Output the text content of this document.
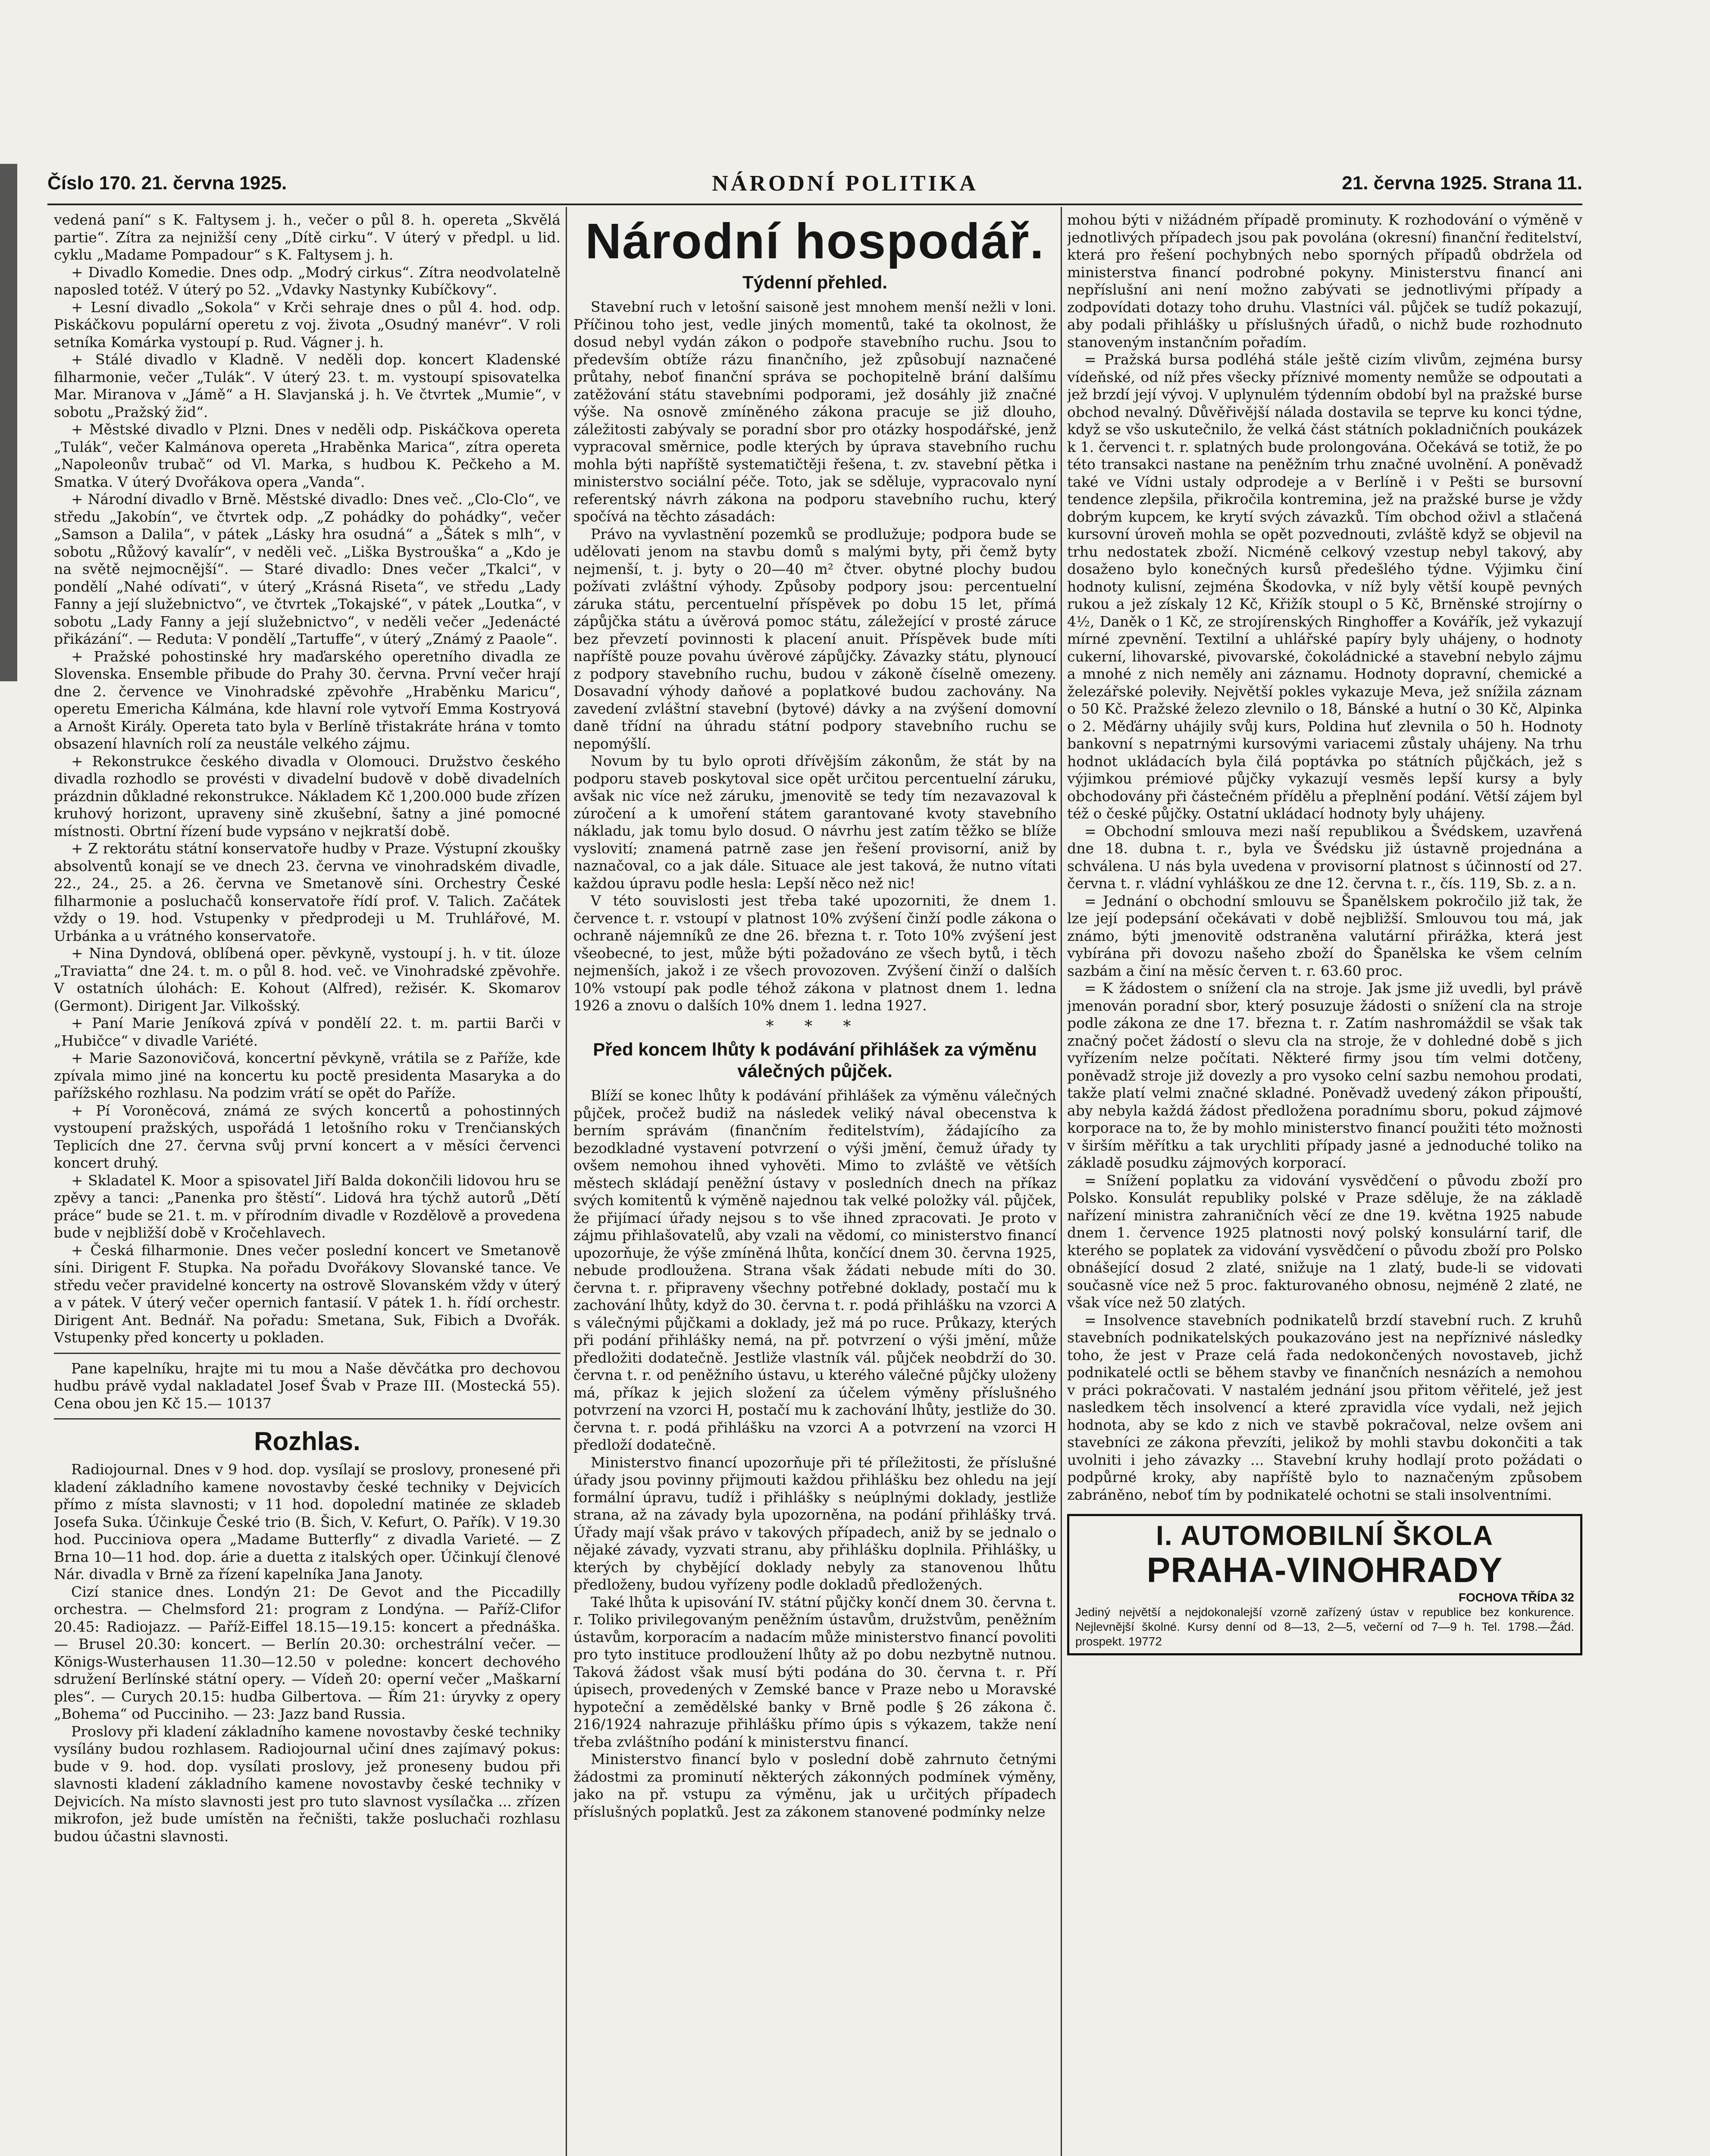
Číslo 170. 21. června 1925.	NÁRODNÍ POLITIKA	21. června 1925. Strana 11.

vedená paní“ s K. Faltysem j. h., večer o půl 8. h. opereta „Skvělá partie“. Zítra za nejnižší ceny „Dítě cirku“. V úterý v předpl. u lid. cyklu „Madame Pompadour“ s K. Faltysem j. h.

+ Divadlo Komedie. Dnes odp. „Modrý cirkus“. Zítra neodvolatelně naposled totéž. V úterý po 52. „Vdavky Nastynky Kubíčkovy“.

+ Lesní divadlo „Sokola“ v Krči sehraje dnes o půl 4. hod. odp. Piskáčkovu populární operetu z voj. života „Osudný manévr“. V roli setníka Komárka vystoupí p. Rud. Vágner j. h.

+ Stálé divadlo v Kladně. V neděli dop. koncert Kladenské filharmonie, večer „Tulák“. V úterý 23. t. m. vystoupí spisovatelka Mar. Miranova v „Jámě“ a H. Slavjanská j. h. Ve čtvrtek „Mumie“, v sobotu „Pražský žid“.

+ Městské divadlo v Plzni. Dnes v neděli odp. Piskáčkova opereta „Tulák“, večer Kalmánova opereta „Hraběnka Marica“, zítra opereta „Napoleonův trubač“ od Vl. Marka, s hudbou K. Pečkeho a M. Smatka. V úterý Dvořákova opera „Vanda“.

+ Národní divadlo v Brně. Městské divadlo: Dnes več. „Clo-Clo“, ve středu „Jakobín“, ve čtvrtek odp. „Z pohádky do pohádky“, večer „Samson a Dalila“, v pátek „Lásky hra osudná“ a „Šátek s mlh“, v sobotu „Růžový kavalír“, v neděli več. „Liška Bystrouška“ a „Kdo je na světě nejmocnější“. — Staré divadlo: Dnes večer „Tkalci“, v pondělí „Nahé odívati“, v úterý „Krásná Riseta“, ve středu „Lady Fanny a její služebnictvo“, ve čtvrtek „Tokajské“, v pátek „Loutka“, v sobotu „Lady Fanny a její služebnictvo“, v neděli večer „Jedenácté přikázání“. — Reduta: V pondělí „Tartuffe“, v úterý „Známý z Paaole“.

+ Pražské pohostinské hry maďarského operetního divadla ze Slovenska. Ensemble přibude do Prahy 30. června. První večer hrají dne 2. července ve Vinohradské zpěvohře „Hraběnku Maricu“, operetu Emericha Kálmána, kde hlavní role vytvoří Emma Kostryová a Arnošt Király. Opereta tato byla v Berlíně třistakráte hrána v tomto obsazení hlavních rolí za neustále velkého zájmu.

+ Rekonstrukce českého divadla v Olomouci. Družstvo českého divadla rozhodlo se provésti v divadelní budově v době divadelních prázdnin důkladné rekonstrukce. Nákladem Kč 1,200.000 bude zřízen kruhový horizont, upraveny sině zkušební, šatny a jiné pomocné místnosti. Obrtní řízení bude vypsáno v nejkratší době.

+ Z rektorátu státní konservatoře hudby v Praze. Výstupní zkoušky absolventů konají se ve dnech 23. června ve vinohradském divadle, 22., 24., 25. a 26. června ve Smetanově síni. Orchestry České filharmonie a posluchačů konservatoře řídí prof. V. Talich. Začátek vždy o 19. hod. Vstupenky v předprodeji u M. Truhlářové, M. Urbánka a u vrátného konservatoře.

+ Nina Dyndová, oblíbená oper. pěvkyně, vystoupí j. h. v tit. úloze „Traviatta“ dne 24. t. m. o půl 8. hod. več. ve Vinohradské zpěvohře. V ostatních úlohách: E. Kohout (Alfred), režisér. K. Skomarov (Germont). Dirigent Jar. Vilkošský.

+ Paní Marie Jeníková zpívá v pondělí 22. t. m. partii Barči v „Hubičce“ v divadle Variété.

+ Marie Sazonovičová, koncertní pěvkyně, vrátila se z Paříže, kde zpívala mimo jiné na koncertu ku poctě presidenta Masaryka a do pařížského rozhlasu. Na podzim vrátí se opět do Paříže.

+ Pí Voroněcová, známá ze svých koncertů a pohostinných vystoupení pražských, uspořádá 1 letošního roku v Trenčianských Teplicích dne 27. června svůj první koncert a v měsíci červenci koncert druhý.

+ Skladatel K. Moor a spisovatel Jiří Balda dokončili lidovou hru se zpěvy a tanci: „Panenka pro štěstí“. Lidová hra týchž autorů „Dětí práce“ bude se 21. t. m. v přírodním divadle v Rozdělově a provedena bude v nejbližší době v Kročehlavech.

+ Česká filharmonie. Dnes večer poslední koncert ve Smetanově síni. Dirigent F. Stupka. Na pořadu Dvořákovy Slovanské tance. Ve středu večer pravidelné koncerty na ostrově Slovanském vždy v úterý a v pátek. V úterý večer opernich fantasií. V pátek 1. h. řídí orchestr. Dirigent Ant. Bednář. Na pořadu: Smetana, Suk, Fibich a Dvořák. Vstupenky před koncerty u pokladen.

Pane kapelníku, hrajte mi tu mou a Naše děvčátka pro dechovou hudbu právě vydal nakladatel Josef Švab v Praze III. (Mostecká 55). Cena obou jen Kč 15.— 10137

Rozhlas.

Radiojournal. Dnes v 9 hod. dop. vysílají se proslovy, pronesené při kladení základního kamene novostavby české techniky v Dejvicích přímo z místa slavnosti; v 11 hod. dopolední matinée ze skladeb Josefa Suka. Účinkuje České trio (B. Šich, V. Kefurt, O. Pařík). V 19.30 hod. Pucciniova opera „Madame Butterfly“ z divadla Varieté. — Z Brna 10—11 hod. dop. árie a duetta z italských oper. Účinkují členové Nár. divadla v Brně za řízení kapelníka Jana Janoty.

Cizí stanice dnes. Londýn 21: De Gevot and the Piccadilly orchestra. — Chelmsford 21: program z Londýna. — Paříž-Clifor 20.45: Radiojazz. — Paříž-Eiffel 18.15—19.15: koncert a přednáška. — Brusel 20.30: koncert. — Berlín 20.30: orchestrální večer. — Königs-Wusterhausen 11.30—12.50 v poledne: koncert dechového sdružení Berlínské státní opery. — Vídeň 20: operní večer „Maškarní ples“. — Curych 20.15: hudba Gilbertova. — Řím 21: úryvky z opery „Bohema“ od Pucciniho. — 23: Jazz band Russia.

Proslovy při kladení základního kamene novostavby české techniky vysílány budou rozhlasem. Radiojournal učiní dnes zajímavý pokus: bude v 9. hod. dop. vysílati proslovy, jež proneseny budou při slavnosti kladení základního kamene novostavby české techniky v Dejvicích. Na místo slavnosti jest pro tuto slavnost vysílačka ... zřízen mikrofon, jež bude umístěn na řečništi, takže posluchači rozhlasu budou účastni slavnosti.

Národní hospodář.
Týdenní přehled.

Stavební ruch v letošní saisoně jest mnohem menší nežli v loni. Příčinou toho jest, vedle jiných momentů, také ta okolnost, že dosud nebyl vydán zákon o podpoře stavebního ruchu. Jsou to především obtíže rázu finančního, jež způsobují naznačené průtahy, neboť finanční správa se pochopitelně brání dalšímu zatěžování státu stavebními podporami, jež dosáhly již značné výše. Na osnově zmíněného zákona pracuje se již dlouho, záležitosti zabývaly se poradní sbor pro otázky hospodářské, jenž vypracoval směrnice, podle kterých by úprava stavebního ruchu mohla býti napříště systematičtěji řešena, t. zv. stavební pětka i ministerstvo sociální péče. Toto, jak se sděluje, vypracovalo nyní referentský návrh zákona na podporu stavebního ruchu, který spočívá na těchto zásadách:

Právo na vyvlastnění pozemků se prodlužuje; podpora bude se udělovati jenom na stavbu domů s malými byty, při čemž byty nejmenší, t. j. byty o 20—40 m² čtver. obytné plochy budou požívati zvláštní výhody. Způsoby podpory jsou: percentuelní záruka státu, percentuelní příspěvek po dobu 15 let, přímá zápůjčka státu a úvěrová pomoc státu, záležející v prosté záruce bez převzetí povinnosti k placení anuit. Příspěvek bude míti napříště pouze povahu úvěrové zápůjčky. Závazky státu, plynoucí z podpory stavebního ruchu, budou v zákoně číselně omezeny. Dosavadní výhody daňové a poplatkové budou zachovány. Na zavedení zvláštní stavební (bytové) dávky a na zvýšení domovní daně třídní na úhradu státní podpory stavebního ruchu se nepomýšlí.

Novum by tu bylo oproti dřívějším zákonům, že stát by na podporu staveb poskytoval sice opět určitou percentuelní záruku, avšak nic více než záruku, jmenovitě se tedy tím nezavazoval k zúročení a k umoření státem garantované kvoty stavebního nákladu, jak tomu bylo dosud. O návrhu jest zatím těžko se blíže vyslovití; znamená patrně zase jen řešení provisorní, aniž by naznačoval, co a jak dále. Situace ale jest taková, že nutno vítati každou úpravu podle hesla: Lepší něco než nic!

V této souvislosti jest třeba také upozorniti, že dnem 1. července t. r. vstoupí v platnost 10% zvýšení činží podle zákona o ochraně nájemníků ze dne 26. března t. r. Toto 10% zvýšení jest všeobecné, to jest, může býti požadováno ze všech bytů, i těch nejmenších, jakož i ze všech provozoven. Zvýšení činží o dalších 10% vstoupí pak podle téhož zákona v platnost dnem 1. ledna 1926 a znovu o dalších 10% dnem 1. ledna 1927.

* * *
Před koncem lhůty k podávání přihlášek za výměnu válečných půjček.

Blíží se konec lhůty k podávání přihlášek za výměnu válečných půjček, pročež budiž na následek veliký nával obecenstva k berním správám (finančním ředitelstvím), žádajícího za bezodkladné vystavení potvrzení o výši jmění, čemuž úřady ty ovšem nemohou ihned vyhověti. Mimo to zvláště ve větších městech skládají peněžní ústavy v posledních dnech na příkaz svých komitentů k výměně najednou tak velké položky vál. půjček, že přijímací úřady nejsou s to vše ihned zpracovati. Je proto v zájmu přihlašovatelů, aby vzali na vědomí, co ministerstvo financí upozorňuje, že výše zmíněná lhůta, končící dnem 30. června 1925, nebude prodloužena. Strana však žádati nebude míti do 30. června t. r. připraveny všechny potřebné doklady, postačí mu k zachování lhůty, když do 30. června t. r. podá přihlášku na vzorci A s válečnými půjčkami a doklady, jež má po ruce. Průkazy, kterých při podání přihlášky nemá, na př. potvrzení o výši jmění, může předložiti dodatečně. Jestliže vlastník vál. půjček neobdrží do 30. června t. r. od peněžního ústavu, u kterého válečné půjčky uloženy má, příkaz k jejich složení za účelem výměny příslušného potvrzení na vzorci H, postačí mu k zachování lhůty, jestliže do 30. června t. r. podá přihlášku na vzorci A a potvrzení na vzorci H předloží dodatečně.

Ministerstvo financí upozorňuje při té příležitosti, že příslušné úřady jsou povinny přijmouti každou přihlášku bez ohledu na její formální úpravu, tudíž i přihlášky s neúplnými doklady, jestliže strana, až na závady byla upozorněna, na podání přihlášky trvá. Úřady mají však právo v takových případech, aniž by se jednalo o nějaké závady, vyzvati stranu, aby přihlášku doplnila. Přihlášky, u kterých by chybějící doklady nebyly za stanovenou lhůtu předloženy, budou vyřízeny podle dokladů předložených.

Také lhůta k upisování IV. státní půjčky končí dnem 30. června t. r. Toliko privilegovaným peněžním ústavům, družstvům, peněžním ústavům, korporacím a nadacím může ministerstvo financí povoliti pro tyto instituce prodloužení lhůty až po dobu nezbytně nutnou. Taková žádost však musí býti podána do 30. června t. r. Pří úpisech, provedených v Zemské bance v Praze nebo u Moravské hypoteční a zemědělské banky v Brně podle § 26 zákona č. 216/1924 nahrazuje přihlášku přímo úpis s výkazem, takže není třeba zvláštního podání k ministerstvu financí.

Ministerstvo financí bylo v poslední době zahrnuto četnými žádostmi za prominutí některých zákonných podmínek výměny, jako na př. vstupu za výměnu, jak u určitých případech příslušných poplatků. Jest za zákonem stanovené podmínky nelze

mohou býti v nižádném případě prominuty. K rozhodování o výměně v jednotlivých případech jsou pak povolána (okresní) finanční ředitelství, která pro řešení pochybných nebo sporných případů obdržela od ministerstva financí podrobné pokyny. Ministerstvu financí ani nepříslušní ani není možno zabývati se jednotlivými případy a zodpovídati dotazy toho druhu. Vlastníci vál. půjček se tudíž pokazují, aby podali přihlášky u příslušných úřadů, o nichž bude rozhodnuto stanoveným instančním pořadím.

= Pražská bursa podléhá stále ještě cizím vlivům, zejména bursy vídeňské, od níž přes všecky příznivé momenty nemůže se odpoutati a jež brzdí její vývoj. V uplynulém týdenním období byl na pražské burse obchod nevalný. Důvěřivější nálada dostavila se teprve ku konci týdne, když se všo uskutečnilo, že velká část státních pokladničních poukázek k 1. červenci t. r. splatných bude prolongována. Očekává se totiž, že po této transakci nastane na peněžním trhu značné uvolnění. A poněvadž také ve Vídni ustaly odprodeje a v Berlíně i v Pešti se bursovní tendence zlepšila, přikročila kontremina, jež na pražské burse je vždy dobrým kupcem, ke krytí svých závazků. Tím obchod oživl a stlačená kursovní úroveň mohla se opět pozvednouti, zvláště když se objevil na trhu nedostatek zboží. Nicméně celkový vzestup nebyl takový, aby dosaženo bylo konečných kursů předešlého týdne. Výjimku činí hodnoty kulisní, zejména Škodovka, v níž byly větší koupě pevných rukou a jež získaly 12 Kč, Křižík stoupl o 5 Kč, Brněnské strojírny o 4½, Daněk o 1 Kč, ze strojírenských Ringhoffer a Kovářík, jež vykazují mírné zpevnění. Textilní a uhlářské papíry byly uhájeny, o hodnoty cukerní, lihovarské, pivovarské, čokoládnické a stavební nebylo zájmu a mnohé z nich neměly ani záznamu. Hodnoty dopravní, chemické a železářské poleviły. Největší pokles vykazuje Meva, jež snížila záznam o 50 Kč. Pražské železo zlevnilo o 18, Bánské a hutní o 30 Kč, Alpinka o 2. Měďárny uhájily svůj kurs, Poldina huť zlevnila o 50 h. Hodnoty bankovní s nepatrnými kursovými variacemi zůstaly uhájeny. Na trhu hodnot ukládacích byla čilá poptávka po státních půjčkách, jež s výjimkou prémiové půjčky vykazují vesměs lepší kursy a byly obchodovány při částečném přídělu a přeplnění podání. Větší zájem byl též o české půjčky. Ostatní ukládací hodnoty byly uhájeny.

= Obchodní smlouva mezi naší republikou a Švédskem, uzavřená dne 18. dubna t. r., byla ve Švédsku již ústavně projednána a schválena. U nás byla uvedena v provisorní platnost s účinností od 27. června t. r. vládní vyhláškou ze dne 12. června t. r., čís. 119, Sb. z. a n.

= Jednání o obchodní smlouvu se Španělskem pokročilo již tak, že lze její podepsání očekávati v době nejbližší. Smlouvou tou má, jak známo, býti jmenovitě odstraněna valutární přirážka, která jest vybírána při dovozu našeho zboží do Španělska ke všem celním sazbám a činí na měsíc červen t. r. 63.60 proc.

= K žádostem o snížení cla na stroje. Jak jsme již uvedli, byl právě jmenován poradní sbor, který posuzuje žádosti o snížení cla na stroje podle zákona ze dne 17. března t. r. Zatím nashromáždil se však tak značný počet žádostí o slevu cla na stroje, že v dohledné době s jich vyřízením nelze počítati. Některé firmy jsou tím velmi dotčeny, poněvadž stroje již dovezly a pro vysoko celní sazbu nemohou prodati, takže platí velmi značné skladné. Poněvadž uvedený zákon připouští, aby nebyla každá žádost předložena poradnímu sboru, pokud zájmové korporace na to, že by mohlo ministerstvo financí použiti této možnosti v širším měřítku a tak urychliti případy jasné a jednoduché toliko na základě posudku zájmových korporací.

= Snížení poplatku za vidování vysvědčení o původu zboží pro Polsko. Konsulát republiky polské v Praze sděluje, že na základě nařízení ministra zahraničních věcí ze dne 19. května 1925 nabude dnem 1. července 1925 platnosti nový polský konsulární tarif, dle kterého se poplatek za vidování vysvědčení o původu zboží pro Polsko obnášející dosud 2 zlaté, snižuje na 1 zlatý, bude-li se vidovati současně více než 5 proc. fakturovaného obnosu, nejméně 2 zlaté, ne však více než 50 zlatých.

= Insolvence stavebních podnikatelů brzdí stavební ruch. Z kruhů stavebních podnikatelských poukazováno jest na nepříznivé následky toho, že jest v Praze celá řada nedokončených novostaveb, jichž podnikatelé octli se během stavby ve finančních nesnázích a nemohou v práci pokračovati. V nastalém jednání jsou přitom věřitelé, jež jest nasledkem těch insolvencí a které zpravidla více vydali, než jejich hodnota, aby se kdo z nich ve stavbě pokračoval, nelze ovšem ani stavebníci ze zákona převzíti, jelikož by mohli stavbu dokončiti a tak uvolniti i jeho závazky ... Stavební kruhy hodlají proto požádati o podpůrné kroky, aby napříště bylo to naznačeným způsobem zabráněno, neboť tím by podnikatelé ochotni se stali insolventními.

I. AUTOMOBILNÍ ŠKOLA
PRAHA-VINOHRADY
FOCHOVA TŘÍDA 32
Jediný největší a nejdokonalejší vzorně zařízený ústav v republice bez konkurence. Nejlevnější školné. Kursy denní od 8—13, 2—5, večerní od 7—9 h. Tel. 1798.—Žád. prospekt. 19772
